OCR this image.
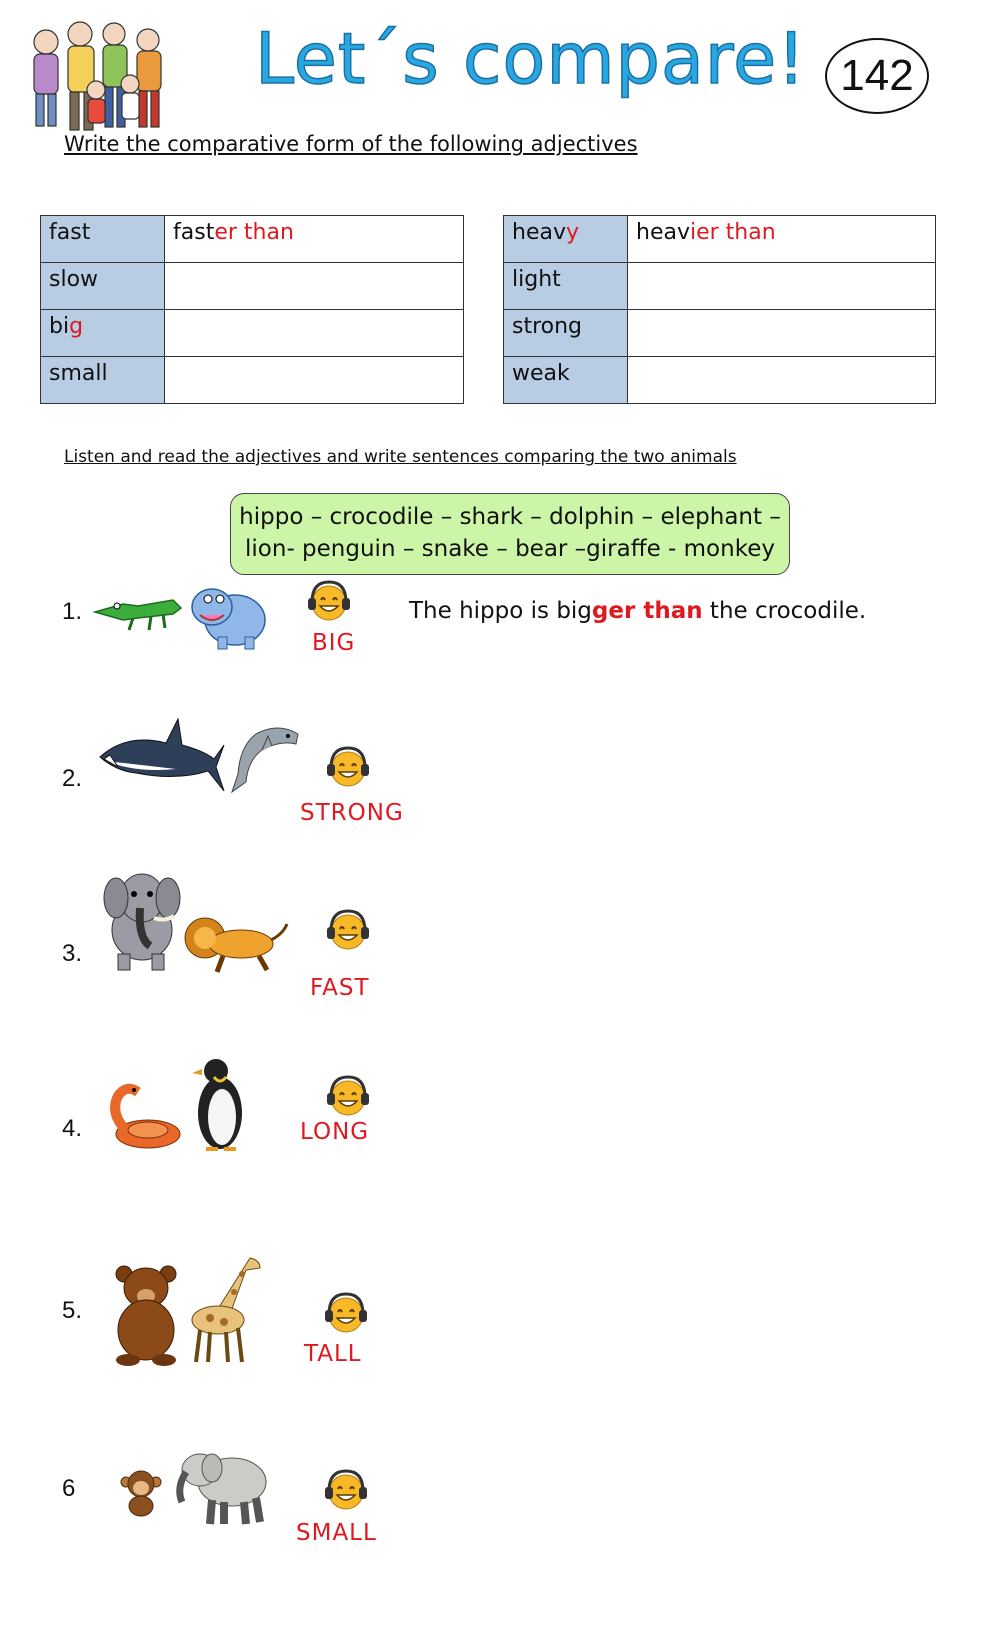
Let´s compare! 142
Write the comparative form of the following adjectives
fast	faster than
slow	
big	
small	
heavy	heavier than
light	
strong	
weak	
Listen and read the adjectives and write sentences comparing the two animals
hippo – crocodile – shark – dolphin – elephant –
lion- penguin – snake – bear –giraffe - monkey
1.
BIG
The hippo is bigger than the crocodile.
2.
STRONG
3.
FAST
4.	LONG
5.
TALL
6
SMALL
